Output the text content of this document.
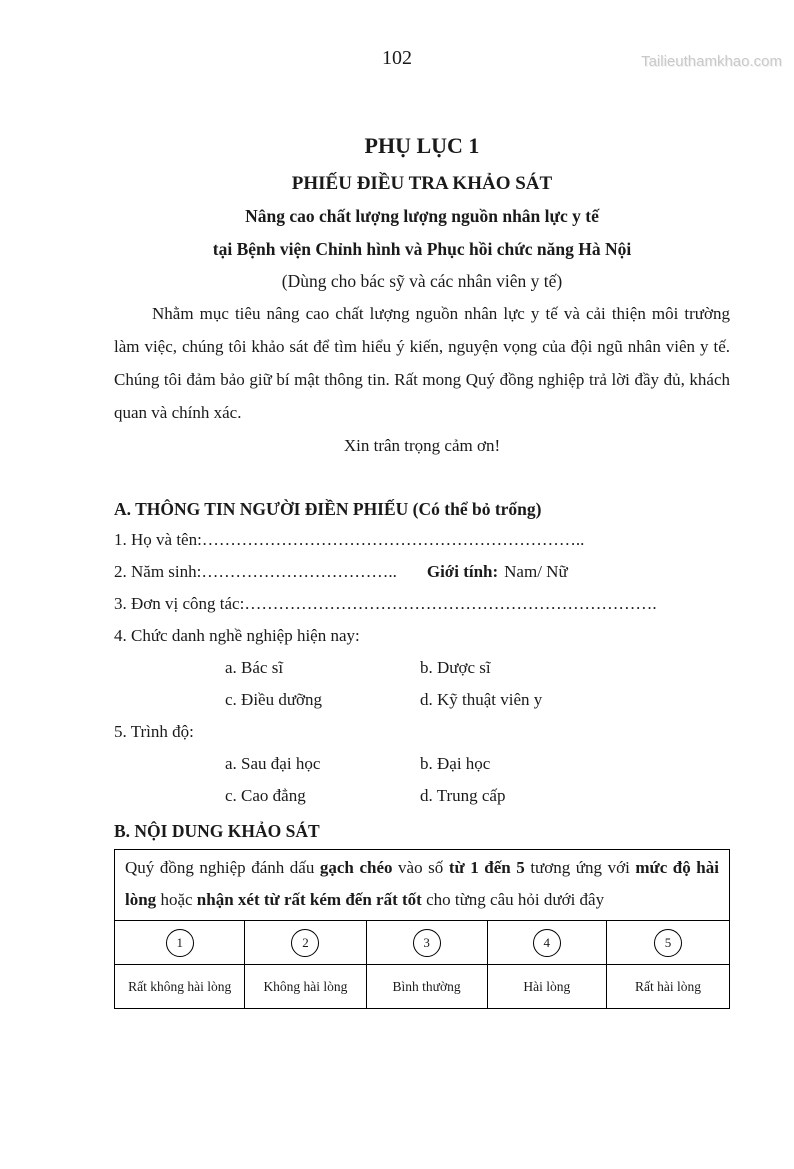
Tailieuthamkhao.com
102
PHỤ LỤC 1
PHIẾU ĐIỀU TRA KHẢO SÁT
Nâng cao chất lượng lượng nguồn nhân lực y tế
tại Bệnh viện Chỉnh hình và Phục hồi chức năng Hà Nội
(Dùng cho bác sỹ và các nhân viên y tế)
Nhằm mục tiêu nâng cao chất lượng nguồn nhân lực y tế và cải thiện môi trường làm việc, chúng tôi khảo sát để tìm hiểu ý kiến, nguyện vọng của đội ngũ nhân viên y tế. Chúng tôi đảm bảo giữ bí mật thông tin. Rất mong Quý đồng nghiệp trả lời đầy đủ, khách quan và chính xác.
Xin trân trọng cảm ơn!
A. THÔNG TIN NGƯỜI ĐIỀN PHIẾU (Có thể bỏ trống)
1. Họ và tên:…………………………………………………………..
2. Năm sinh:…………………………….. Giới tính: Nam/ Nữ
3. Đơn vị công tác:……………………………………………………………….
4. Chức danh nghề nghiệp hiện nay:
a. Bác sĩ	b. Dược sĩ
c. Điều dưỡng	d. Kỹ thuật viên y
5. Trình độ:
a. Sau đại học	b. Đại học
c. Cao đẳng	d. Trung cấp
B. NỘI DUNG KHẢO SÁT
Quý đồng nghiệp đánh dấu gạch chéo vào số từ 1 đến 5 tương ứng với mức độ hài lòng hoặc nhận xét từ rất kém đến rất tốt cho từng câu hỏi dưới đây				
1	2	3	4	5
Rất không hài lòng	Không hài lòng	Bình thường	Hài lòng	Rất hài lòng
